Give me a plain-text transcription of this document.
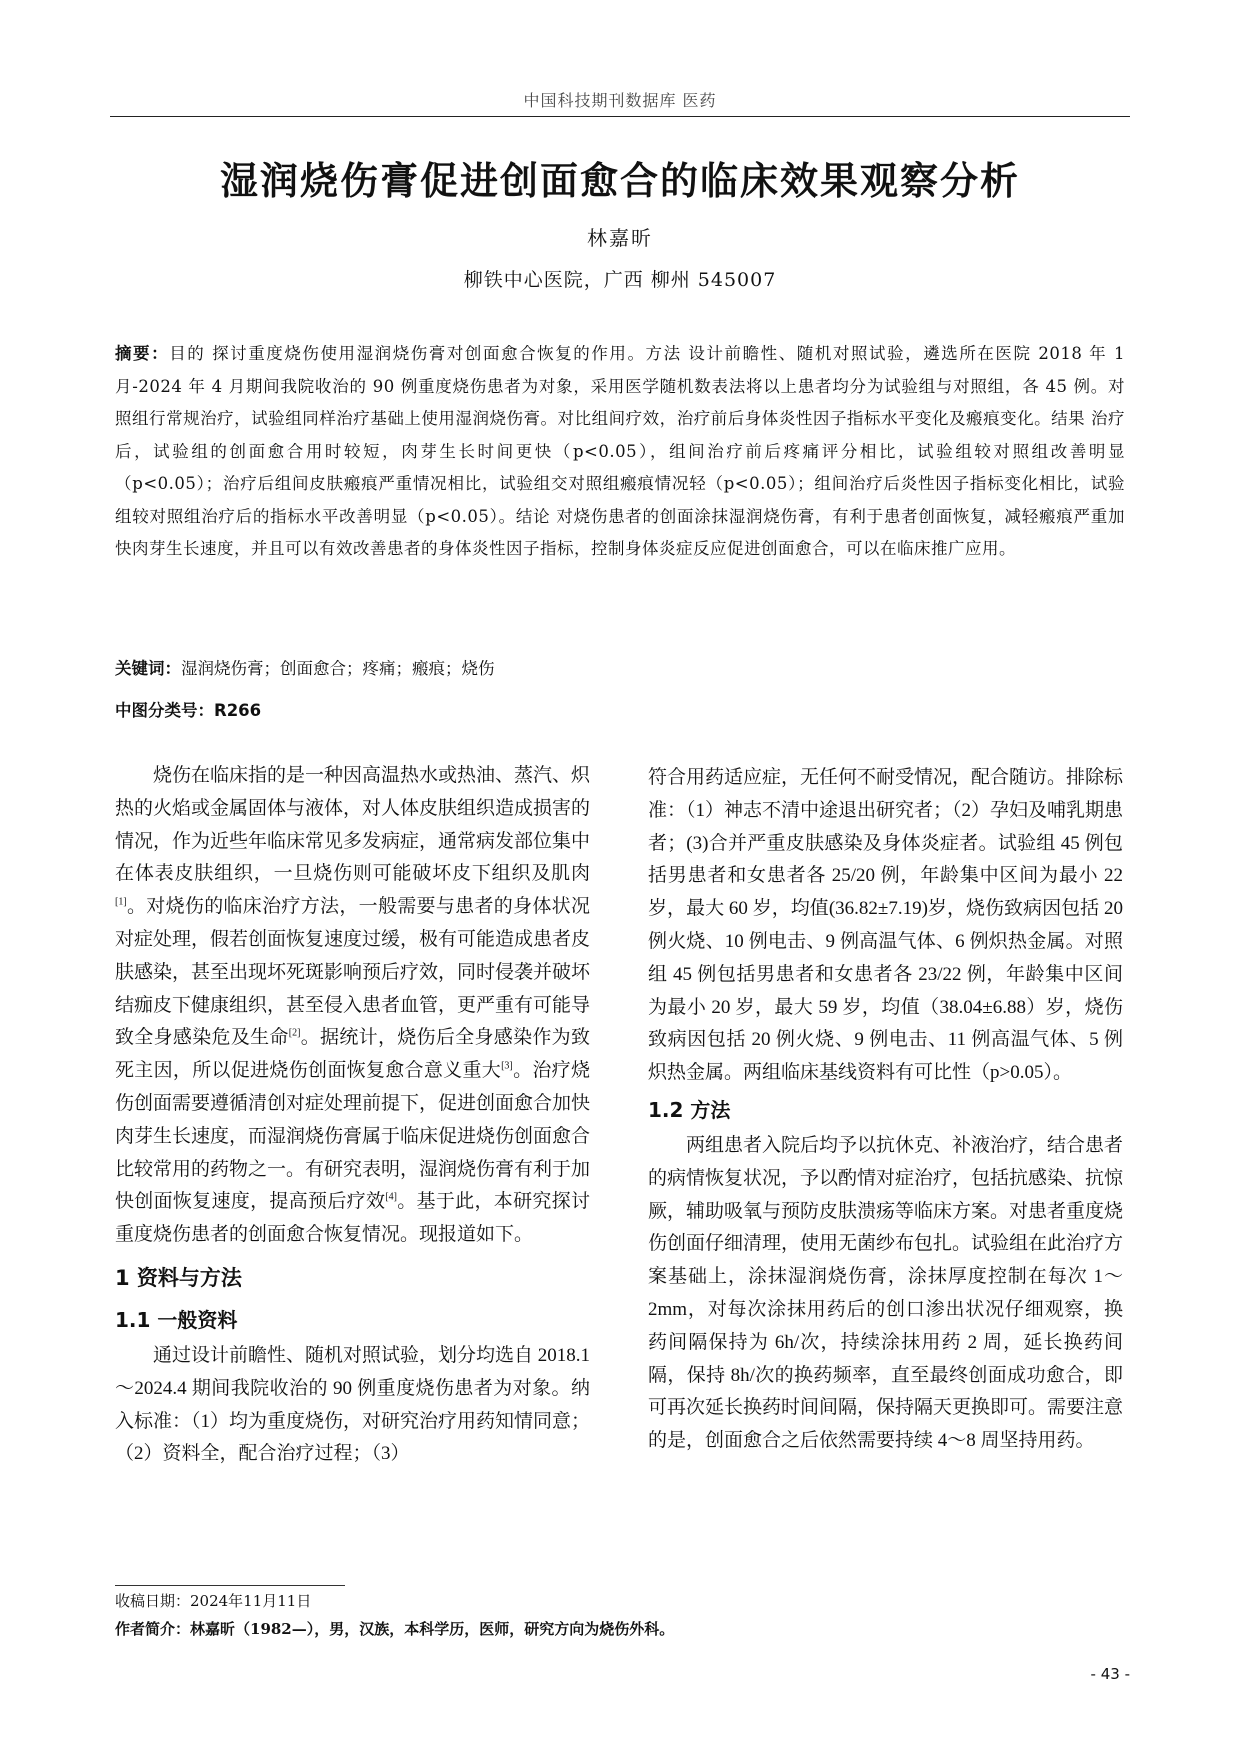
中国科技期刊数据库 医药
湿润烧伤膏促进创面愈合的临床效果观察分析
林嘉昕
柳铁中心医院，广西 柳州 545007
摘要：目的 探讨重度烧伤使用湿润烧伤膏对创面愈合恢复的作用。方法 设计前瞻性、随机对照试验，遴选所在医院 2018 年 1 月-2024 年 4 月期间我院收治的 90 例重度烧伤患者为对象，采用医学随机数表法将以上患者均分为试验组与对照组，各 45 例。对照组行常规治疗，试验组同样治疗基础上使用湿润烧伤膏。对比组间疗效，治疗前后身体炎性因子指标水平变化及瘢痕变化。结果 治疗后，试验组的创面愈合用时较短，肉芽生长时间更快（p<0.05），组间治疗前后疼痛评分相比，试验组较对照组改善明显（p<0.05）；治疗后组间皮肤瘢痕严重情况相比，试验组交对照组瘢痕情况轻（p<0.05）；组间治疗后炎性因子指标变化相比，试验组较对照组治疗后的指标水平改善明显（p<0.05）。结论 对烧伤患者的创面涂抹湿润烧伤膏，有利于患者创面恢复，减轻瘢痕严重加快肉芽生长速度，并且可以有效改善患者的身体炎性因子指标，控制身体炎症反应促进创面愈合，可以在临床推广应用。
关键词：湿润烧伤膏；创面愈合；疼痛；瘢痕；烧伤
中图分类号：R266

烧伤在临床指的是一种因高温热水或热油、蒸汽、炽热的火焰或金属固体与液体，对人体皮肤组织造成损害的情况，作为近些年临床常见多发病症，通常病发部位集中在体表皮肤组织，一旦烧伤则可能破坏皮下组织及肌肉[1]。对烧伤的临床治疗方法，一般需要与患者的身体状况对症处理，假若创面恢复速度过缓，极有可能造成患者皮肤感染，甚至出现坏死斑影响预后疗效，同时侵袭并破坏结痂皮下健康组织，甚至侵入患者血管，更严重有可能导致全身感染危及生命[2]。据统计，烧伤后全身感染作为致死主因，所以促进烧伤创面恢复愈合意义重大[3]。治疗烧伤创面需要遵循清创对症处理前提下，促进创面愈合加快肉芽生长速度，而湿润烧伤膏属于临床促进烧伤创面愈合比较常用的药物之一。有研究表明，湿润烧伤膏有利于加快创面恢复速度，提高预后疗效[4]。基于此，本研究探讨重度烧伤患者的创面愈合恢复情况。现报道如下。

1 资料与方法
1.1 一般资料

通过设计前瞻性、随机对照试验，划分均选自 2018.1～2024.4 期间我院收治的 90 例重度烧伤患者为对象。纳入标准：（1）均为重度烧伤，对研究治疗用药知情同意；（2）资料全，配合治疗过程；（3）

符合用药适应症，无任何不耐受情况，配合随访。排除标准：（1）神志不清中途退出研究者；（2）孕妇及哺乳期患者；(3)合并严重皮肤感染及身体炎症者。试验组 45 例包括男患者和女患者各 25/20 例，年龄集中区间为最小 22 岁，最大 60 岁，均值(36.82±7.19)岁，烧伤致病因包括 20 例火烧、10 例电击、9 例高温气体、6 例炽热金属。对照组 45 例包括男患者和女患者各 23/22 例，年龄集中区间为最小 20 岁，最大 59 岁，均值（38.04±6.88）岁，烧伤致病因包括 20 例火烧、9 例电击、11 例高温气体、5 例炽热金属。两组临床基线资料有可比性（p>0.05）。

1.2 方法

两组患者入院后均予以抗休克、补液治疗，结合患者的病情恢复状况，予以酌情对症治疗，包括抗感染、抗惊厥，辅助吸氧与预防皮肤溃疡等临床方案。对患者重度烧伤创面仔细清理，使用无菌纱布包扎。试验组在此治疗方案基础上，涂抹湿润烧伤膏，涂抹厚度控制在每次 1～2mm，对每次涂抹用药后的创口渗出状况仔细观察，换药间隔保持为 6h/次，持续涂抹用药 2 周，延长换药间隔，保持 8h/次的换药频率，直至最终创面成功愈合，即可再次延长换药时间间隔，保持隔天更换即可。需要注意的是，创面愈合之后依然需要持续 4～8 周坚持用药。

收稿日期：2024年11月11日
作者简介：林嘉昕（1982—），男，汉族，本科学历，医师，研究方向为烧伤外科。
- 43 -
